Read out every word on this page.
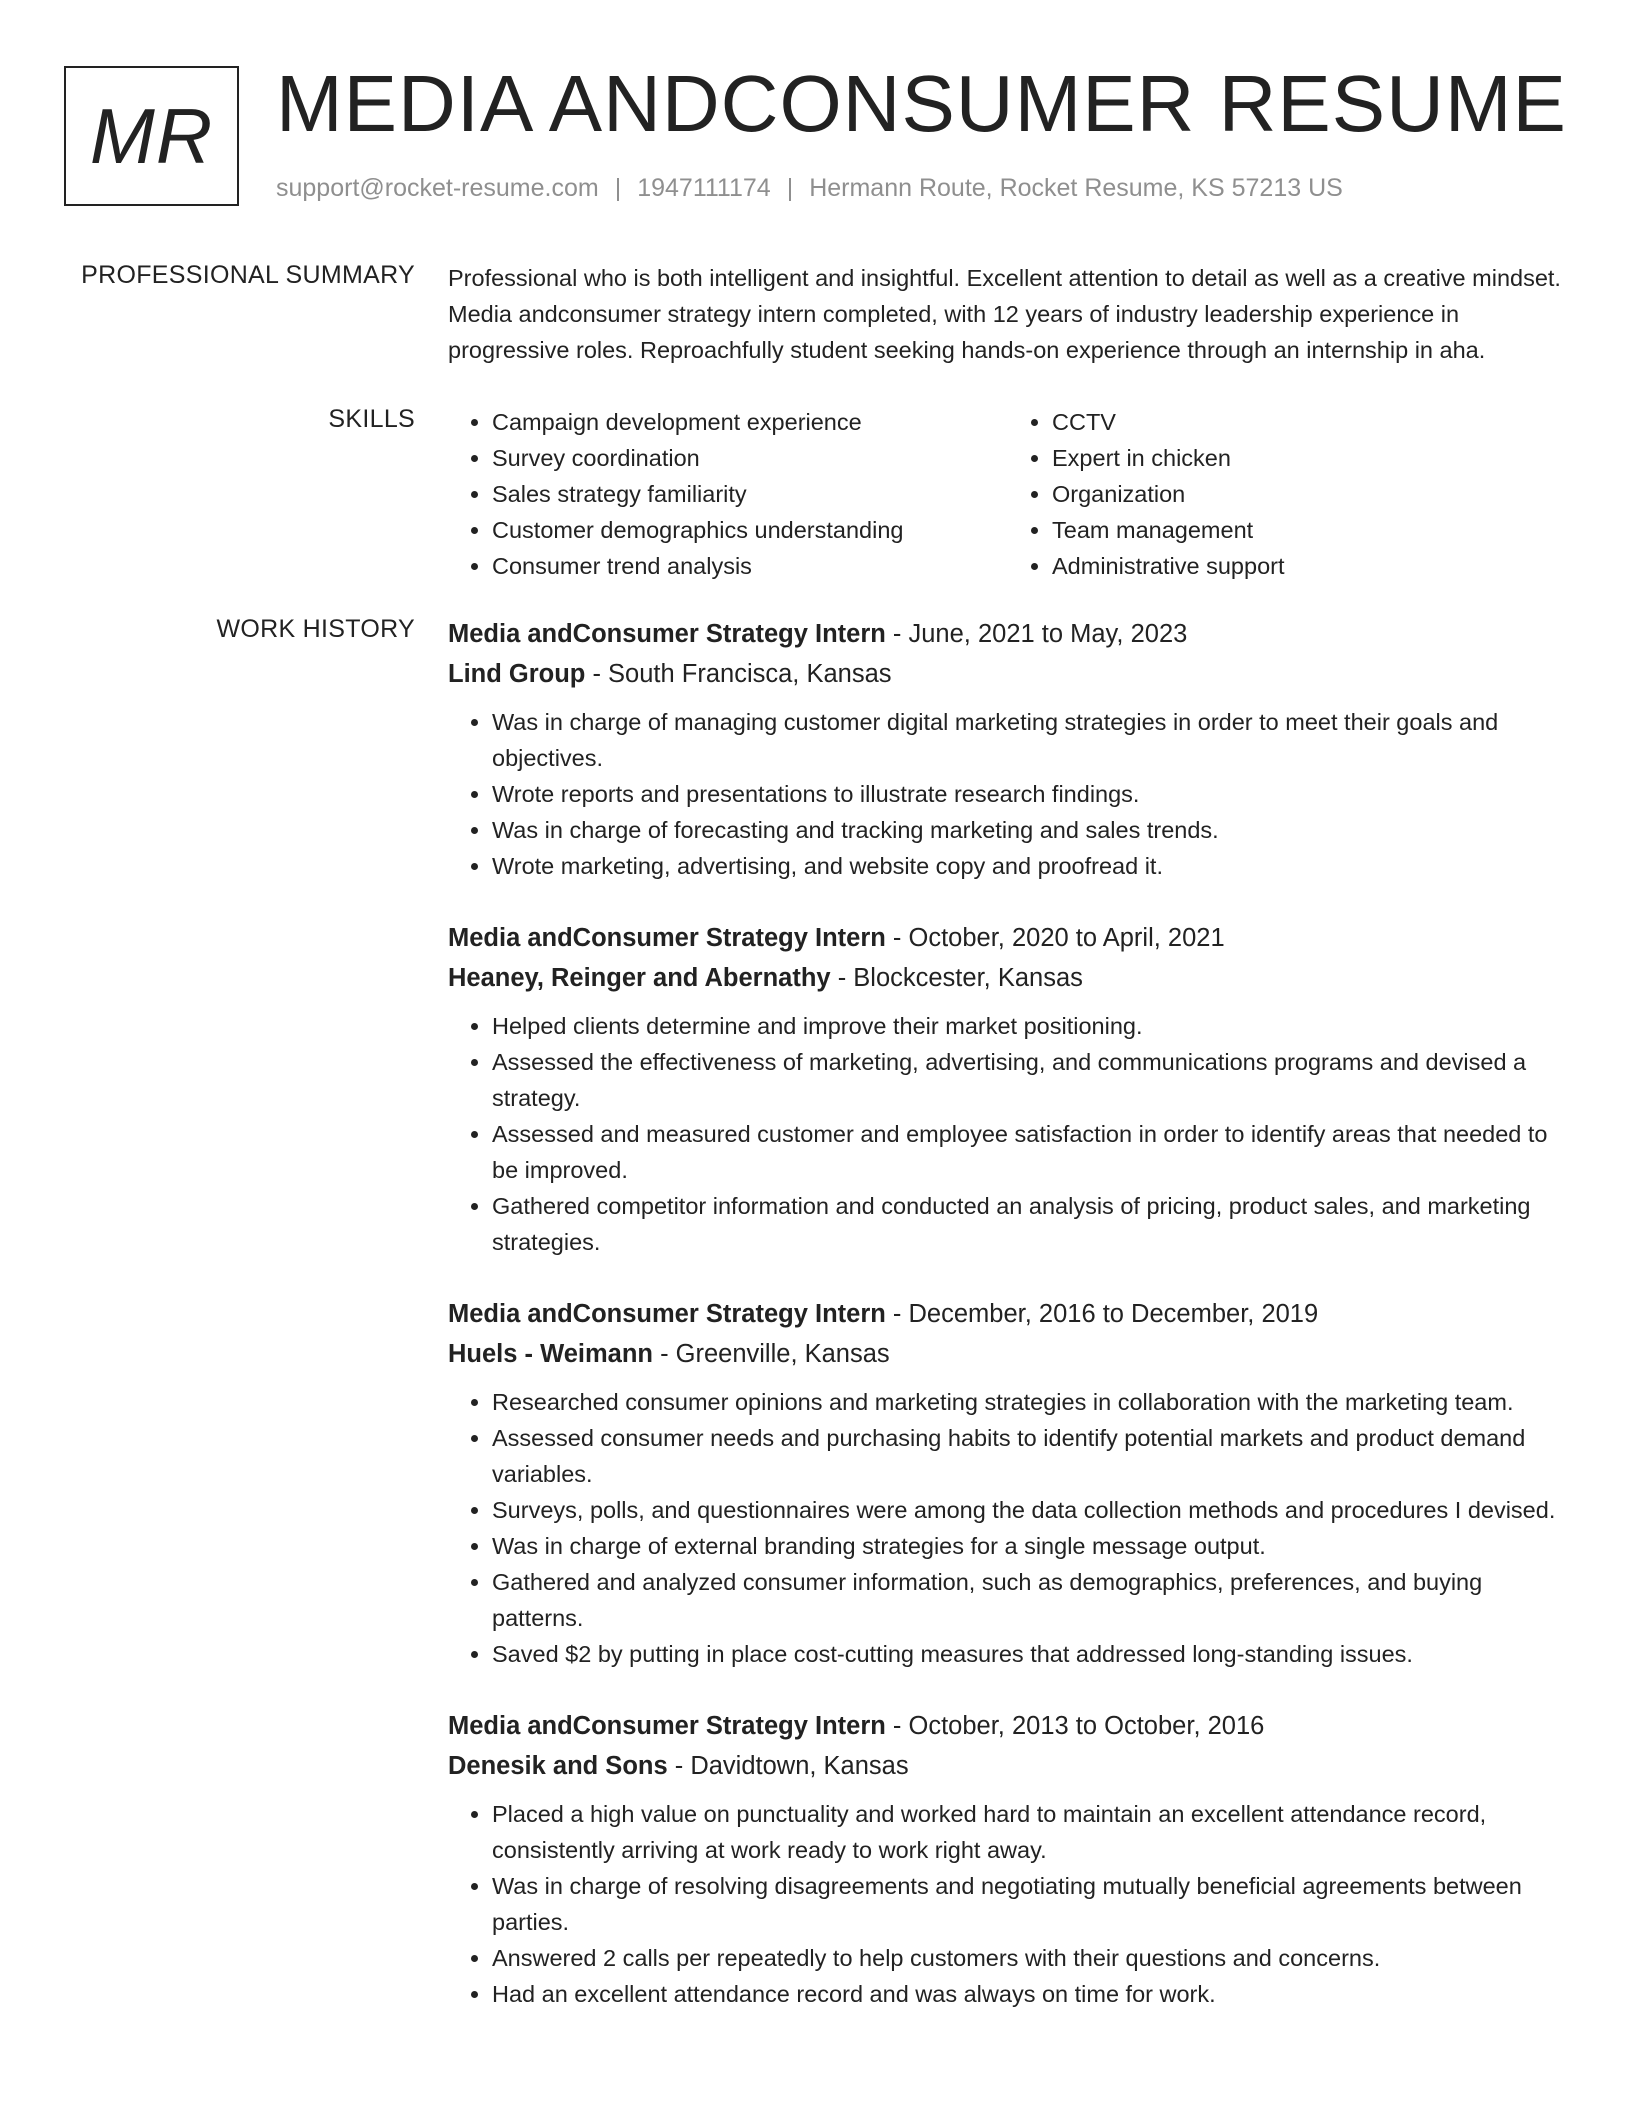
MR MEDIA ANDCONSUMER RESUME
support@rocket-resume.com | 1947111174 | Hermann Route, Rocket Resume, KS 57213 US
PROFESSIONAL SUMMARY Professional who is both intelligent and insightful. Excellent attention to detail as well as a creative mindset. Media andconsumer strategy intern completed, with 12 years of industry leadership experience in progressive roles. Reproachfully student seeking hands-on experience through an internship in aha.

SKILLS
•	Campaign development experience
• Survey coordination
• Sales strategy familiarity
• Customer demographics understanding
• Consumer trend analysis
• CCTV
• Expert in chicken
• Organization
• Team management
• Administrative support
WORK HISTORY Media andConsumer Strategy Intern - June, 2021 to May, 2023
Lind Group - South Francisca, Kansas
• Was in charge of managing customer digital marketing strategies in order to meet their goals and objectives.
• Wrote reports and presentations to illustrate research findings.
• Was in charge of forecasting and tracking marketing and sales trends.
• Wrote marketing, advertising, and website copy and proofread it.
Media andConsumer Strategy Intern - October, 2020 to April, 2021
Heaney, Reinger and Abernathy - Blockcester, Kansas
• Helped clients determine and improve their market positioning.
• Assessed the effectiveness of marketing, advertising, and communications programs and devised a strategy.
• Assessed and measured customer and employee satisfaction in order to identify areas that needed to be improved.
• Gathered competitor information and conducted an analysis of pricing, product sales, and marketing strategies.
Media andConsumer Strategy Intern - December, 2016 to December, 2019
Huels - Weimann - Greenville, Kansas
• Researched consumer opinions and marketing strategies in collaboration with the marketing team.
• Assessed consumer needs and purchasing habits to identify potential markets and product demand variables.
• Surveys, polls, and questionnaires were among the data collection methods and procedures I devised.
• Was in charge of external branding strategies for a single message output.
• Gathered and analyzed consumer information, such as demographics, preferences, and buying patterns.
• Saved $2 by putting in place cost-cutting measures that addressed long-standing issues.
Media andConsumer Strategy Intern - October, 2013 to October, 2016
Denesik and Sons - Davidtown, Kansas
• Placed a high value on punctuality and worked hard to maintain an excellent attendance record, consistently arriving at work ready to work right away.
• Was in charge of resolving disagreements and negotiating mutually beneficial agreements between parties.
• Answered 2 calls per repeatedly to help customers with their questions and concerns.
• Had an excellent attendance record and was always on time for work.
